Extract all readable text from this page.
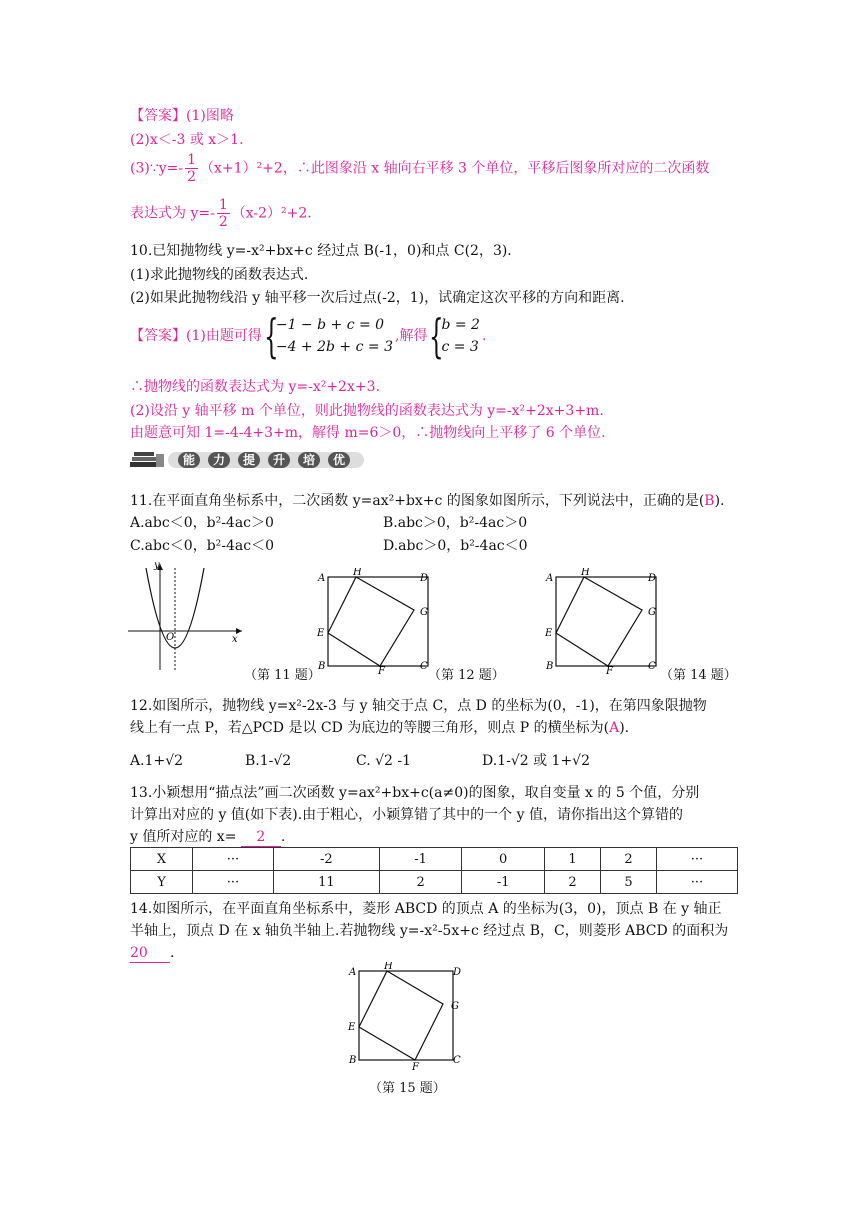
【答案】(1)图略
(2)x＜-3 或 x＞1.
(3)∵y=- $\frac{1}{2} (x+1)^2+2$，∴此图象沿 x 轴向右平移 3 个单位，平移后图象所对应的二次函数
表达式为 $y=- \frac{1}{2} (x-2)^2+2$.
10.已知抛物线 y=-x²+bx+c 经过点 B(-1，0)和点 C(2，3).
(1)求此抛物线的函数表达式.
(2)如果此抛物线沿 y 轴平移一次后过点(-2，1)，试确定这次平移的方向和距离.
【答案】(1)由题可得 {
−1 − b + c = 0
−4 + 2b + c = 3
,解得 {
b = 2
c = 3
.
∴抛物线的函数表达式为 y=-x²+2x+3.
(2)设沿 y 轴平移 m 个单位，则此抛物线的函数表达式为 y=-x²+2x+3+m.
由题意可知 1=-4-4+3+m，解得 m=6＞0，∴抛物线向上平移了 6 个单位.
能	力	提	升	培	优
11.在平面直角坐标系中，二次函数 y=ax²+bx+c 的图象如图所示，下列说法中，正确的是(B).
A.abc＜0，b²-4ac＞0	B.abc＞0，b²-4ac＞0
C.abc＜0，b²-4ac＜0	D.abc＞0，b²-4ac＜0
y
x
O
A
H
D
G
E
B	F	C
A
H
D
G
E
B	F	C
（第 11 题）	（第 12 题）	（第 14 题）
12.如图所示，抛物线 y=x²-2x-3 与 y 轴交于点 C，点 D 的坐标为(0，-1)，在第四象限抛物
线上有一点 P，若△PCD 是以 CD 为底边的等腰三角形，则点 P 的横坐标为(A).
A.1+√2	B.1-√2	C. √2 -1	D.1-√2 或 1+√2
13.小颖想用“描点法”画二次函数 y=ax²+bx+c(a≠0)的图象，取自变量 x 的 5 个值，分别
计算出对应的 y 值(如下表).由于粗心，小颖算错了其中的一个 y 值，请你指出这个算错的
y 值所对应的 x= 2 .
X	···	-2	-1	0	1	2	···
Y	···	11	2	-1	2	5	···
14.如图所示，在平面直角坐标系中，菱形 ABCD 的顶点 A 的坐标为(3，0)，顶点 B 在 y 轴正
半轴上，顶点 D 在 x 轴负半轴上.若抛物线 y=-x²-5x+c 经过点 B，C，则菱形 ABCD 的面积为
20 .
A
H
D
G
E
B
F
C
（第 15 题）
